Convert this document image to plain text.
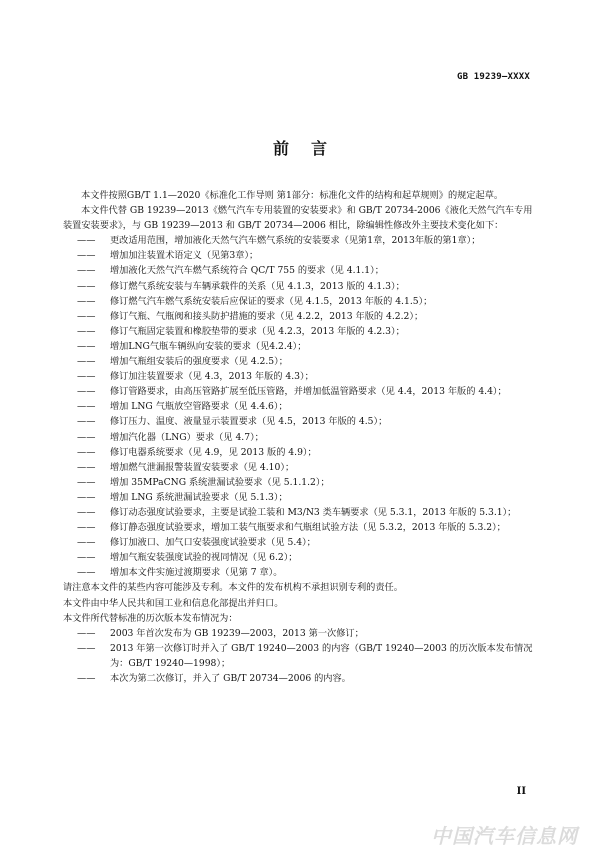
GB 19239—XXXX
前言

本文件按照GB/T 1.1—2020《标准化工作导则 第1部分：标准化文件的结构和起草规则》的规定起草。

本文件代替 GB 19239—2013《燃气汽车专用装置的安装要求》和 GB/T 20734-2006《液化天然气汽车专用装置安装要求》，与 GB 19239—2013 和 GB/T 20734—2006 相比，除编辑性修改外主要技术变化如下：

——	更改适用范围，增加液化天然气汽车燃气系统的安装要求（见第1章，2013年版的第1章）；
——	增加加注装置术语定义（见第3章）；
——	增加液化天然气汽车燃气系统符合 QC/T 755 的要求（见 4.1.1）；
——	修订燃气系统安装与车辆承载件的关系（见 4.1.3，2013 版的 4.1.3）；
——	修订燃气汽车燃气系统安装后应保证的要求（见 4.1.5，2013 年版的 4.1.5）；
——	修订气瓶、气瓶阀和接头防护措施的要求（见 4.2.2，2013 年版的 4.2.2）；
——	修订气瓶固定装置和橡胶垫带的要求（见 4.2.3，2013 年版的 4.2.3）；
——	增加LNG气瓶车辆纵向安装的要求（见4.2.4）；
——	增加气瓶组安装后的强度要求（见 4.2.5）；
——	修订加注装置要求（见 4.3，2013 年版的 4.3）；
——	修订管路要求，由高压管路扩展至低压管路，并增加低温管路要求（见 4.4，2013 年版的 4.4）；
——	增加 LNG 气瓶放空管路要求（见 4.4.6）；
——	修订压力、温度、液量显示装置要求（见 4.5，2013 年版的 4.5）；
——	增加汽化器（LNG）要求（见 4.7）；
——	修订电器系统要求（见 4.9，见 2013 版的 4.9）；
——	增加燃气泄漏报警装置安装要求（见 4.10）；
——	增加 35MPaCNG 系统泄漏试验要求（见 5.1.1.2）；
——	增加 LNG 系统泄漏试验要求（见 5.1.3）；
——	修订动态强度试验要求，主要是试验工装和 M3/N3 类车辆要求（见 5.3.1，2013 年版的 5.3.1）；
——	修订静态强度试验要求，增加工装气瓶要求和气瓶组试验方法（见 5.3.2，2013 年版的 5.3.2）；
——	修订加液口、加气口安装强度试验要求（见 5.4）；
——	增加气瓶安装强度试验的视同情况（见 6.2）；
——	增加本文件实施过渡期要求（见第 7 章）。

请注意本文件的某些内容可能涉及专利。本文件的发布机构不承担识别专利的责任。

本文件由中华人民共和国工业和信息化部提出并归口。

本文件所代替标准的历次版本发布情况为：

——	2003 年首次发布为 GB 19239—2003，2013 第一次修订；
——	2013 年第一次修订时并入了 GB/T 19240—2003 的内容（GB/T 19240—2003 的历次版本发布情况为：GB/T 19240—1998）；
——	本次为第二次修订，并入了 GB/T 20734—2006 的内容。
II
中国汽车信息网
